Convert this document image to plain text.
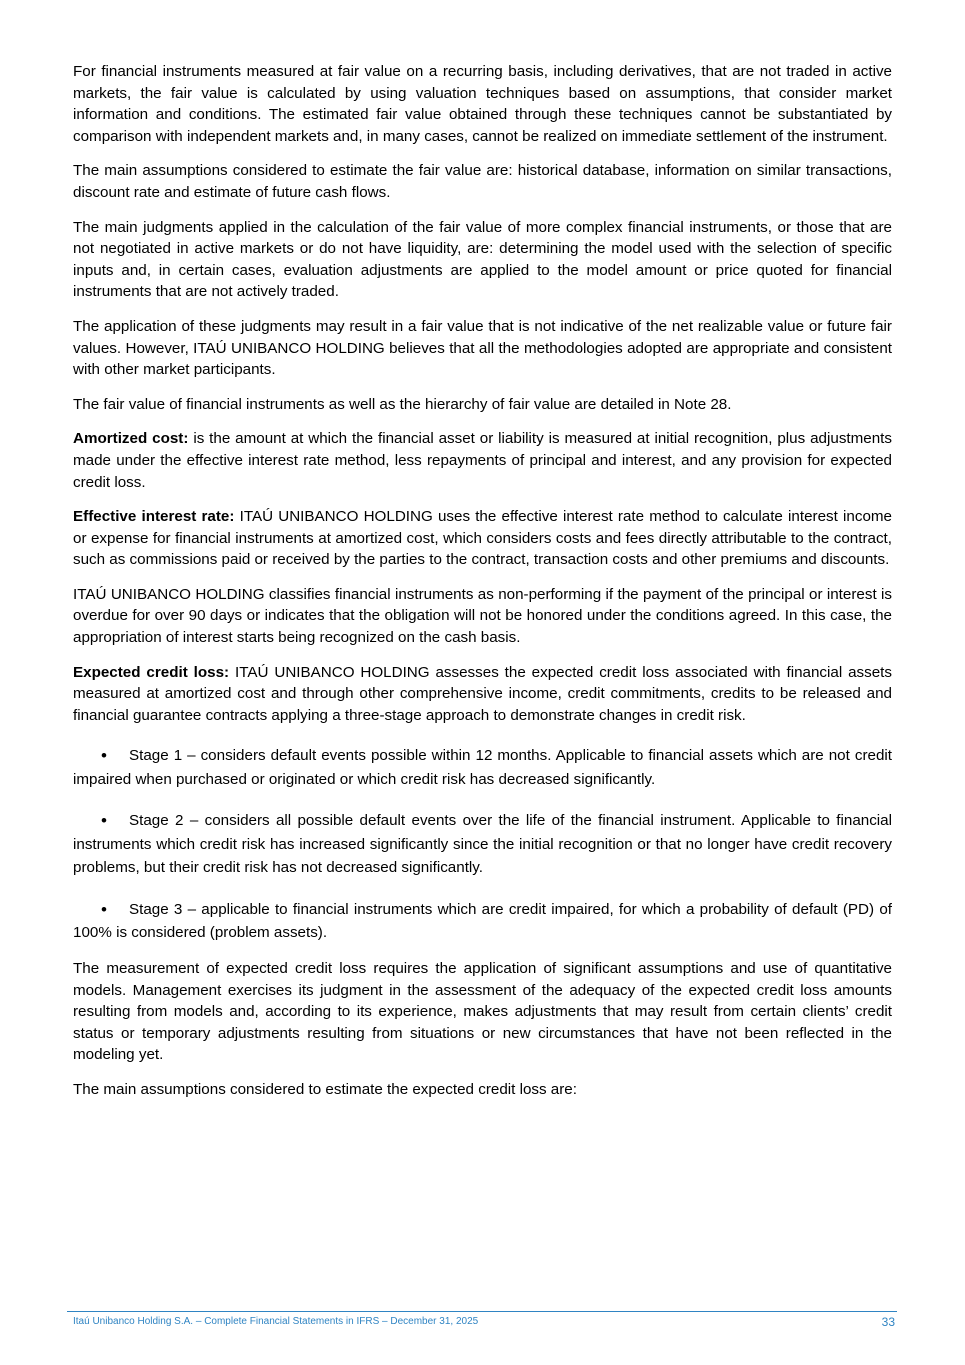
For financial instruments measured at fair value on a recurring basis, including derivatives, that are not traded in active markets, the fair value is calculated by using valuation techniques based on assumptions, that consider market information and conditions. The estimated fair value obtained through these techniques cannot be substantiated by comparison with independent markets and, in many cases, cannot be realized on immediate settlement of the instrument.

The main assumptions considered to estimate the fair value are: historical database, information on similar transactions, discount rate and estimate of future cash flows.

The main judgments applied in the calculation of the fair value of more complex financial instruments, or those that are not negotiated in active markets or do not have liquidity, are: determining the model used with the selection of specific inputs and, in certain cases, evaluation adjustments are applied to the model amount or price quoted for financial instruments that are not actively traded.

The application of these judgments may result in a fair value that is not indicative of the net realizable value or future fair values. However, ITAÚ UNIBANCO HOLDING believes that all the methodologies adopted are appropriate and consistent with other market participants.

The fair value of financial instruments as well as the hierarchy of fair value are detailed in Note 28.

Amortized cost: is the amount at which the financial asset or liability is measured at initial recognition, plus adjustments made under the effective interest rate method, less repayments of principal and interest, and any provision for expected credit loss.

Effective interest rate: ITAÚ UNIBANCO HOLDING uses the effective interest rate method to calculate interest income or expense for financial instruments at amortized cost, which considers costs and fees directly attributable to the contract, such as commissions paid or received by the parties to the contract, transaction costs and other premiums and discounts.

ITAÚ UNIBANCO HOLDING classifies financial instruments as non-performing if the payment of the principal or interest is overdue for over 90 days or indicates that the obligation will not be honored under the conditions agreed. In this case, the appropriation of interest starts being recognized on the cash basis.

Expected credit loss: ITAÚ UNIBANCO HOLDING assesses the expected credit loss associated with financial assets measured at amortized cost and through other comprehensive income, credit commitments, credits to be released and financial guarantee contracts applying a three-stage approach to demonstrate changes in credit risk.

• Stage 1 – considers default events possible within 12 months. Applicable to financial assets which are not credit impaired when purchased or originated or which credit risk has decreased significantly.

• Stage 2 – considers all possible default events over the life of the financial instrument. Applicable to financial instruments which credit risk has increased significantly since the initial recognition or that no longer have credit recovery problems, but their credit risk has not decreased significantly.

• Stage 3 – applicable to financial instruments which are credit impaired, for which a probability of default (PD) of 100% is considered (problem assets).

The measurement of expected credit loss requires the application of significant assumptions and use of quantitative models. Management exercises its judgment in the assessment of the adequacy of the expected credit loss amounts resulting from models and, according to its experience, makes adjustments that may result from certain clients’ credit status or temporary adjustments resulting from situations or new circumstances that have not been reflected in the modeling yet.

The main assumptions considered to estimate the expected credit loss are:

Itaú Unibanco Holding S.A. – Complete Financial Statements in IFRS – December 31, 2025	33
